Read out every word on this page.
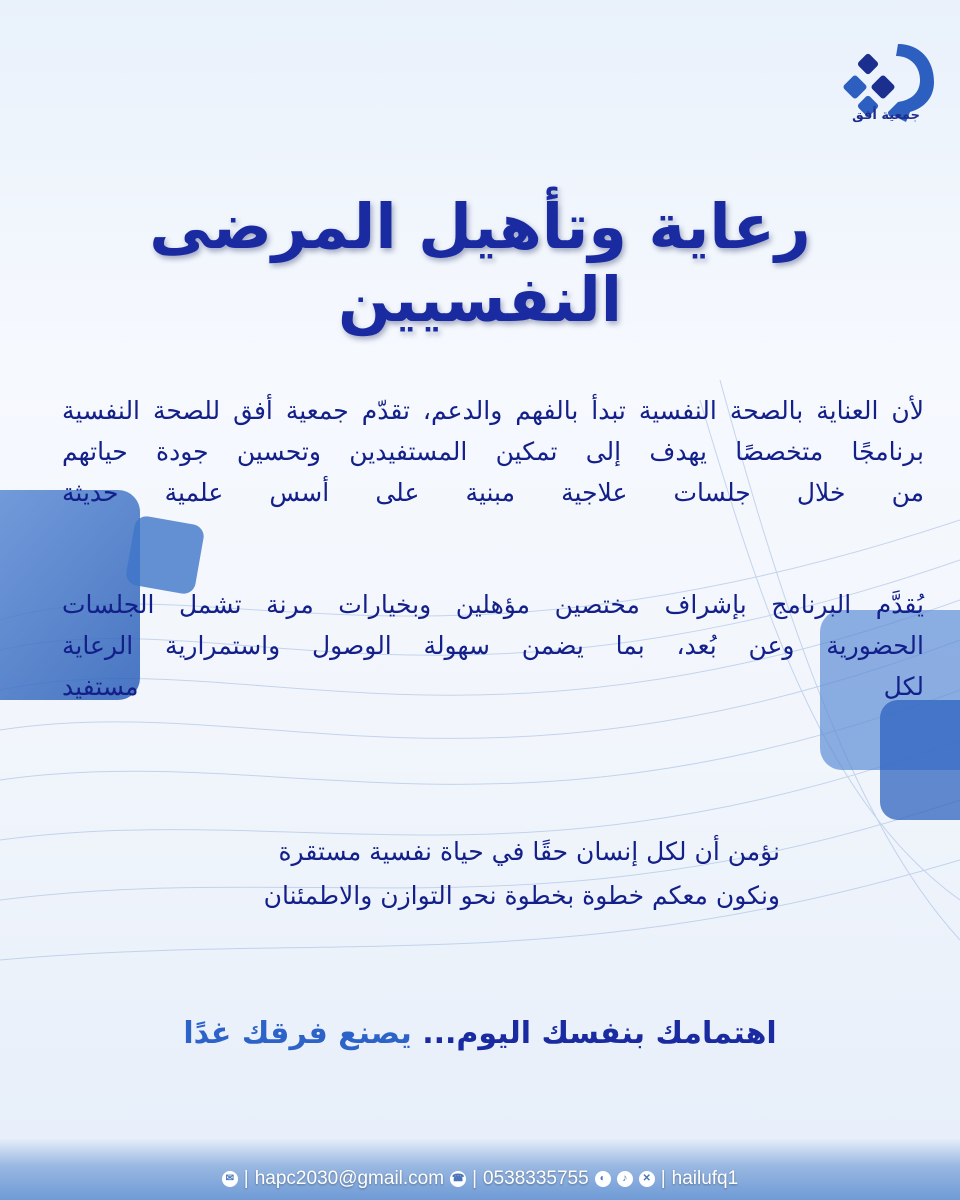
جمعية أفق
رعاية وتأهيل المرضى النفسيين
لأن العناية بالصحة النفسية تبدأ بالفهم والدعم، تقدّم جمعية أفق للصحة النفسية
برنامجًا متخصصًا يهدف إلى تمكين المستفيدين وتحسين جودة حياتهم
من خلال جلسات علاجية مبنية على أسس علمية حديثة
يُقدَّم البرنامج بإشراف مختصين مؤهلين وبخيارات مرنة تشمل الجلسات
الحضورية وعن بُعد، بما يضمن سهولة الوصول واستمرارية الرعاية
لكل مستفيد
نؤمن أن لكل إنسان حقًا في حياة نفسية مستقرة
ونكون معكم خطوة بخطوة نحو التوازن والاطمئنان
اهتمامك بنفسك اليوم... يصنع فرقك غدًا
✉ | hapc2030@gmail.com ☎ | 0538335755	◐	♪	✕ | hailufq1
